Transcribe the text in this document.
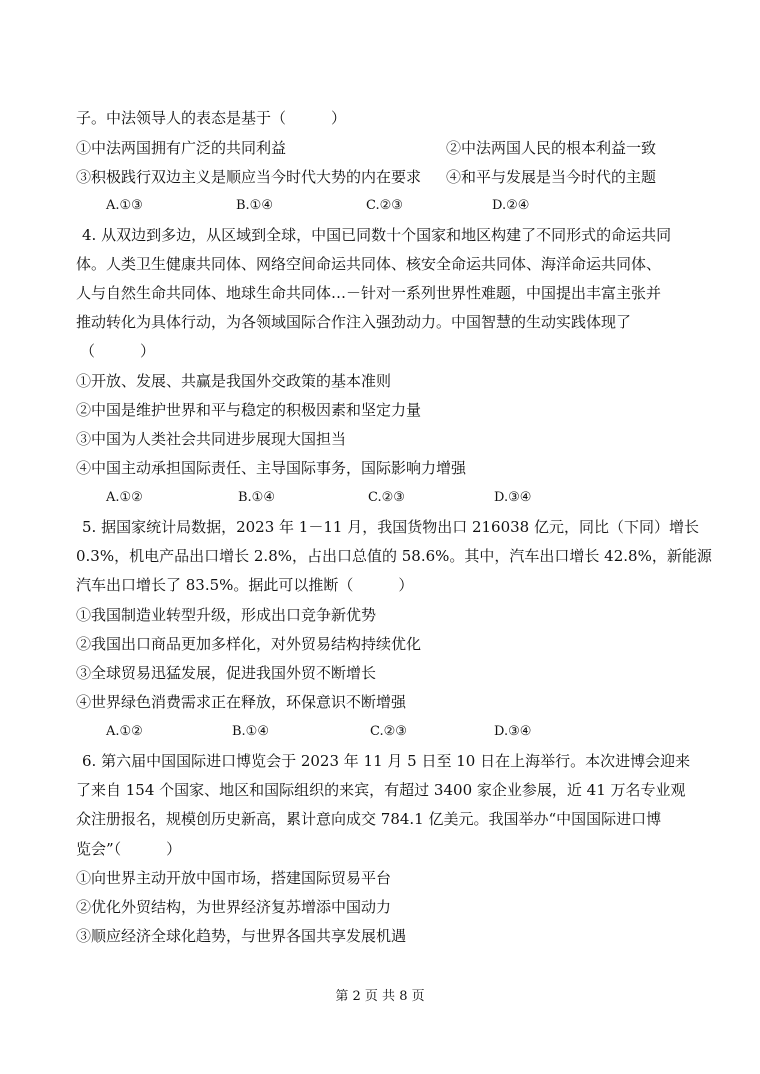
子。中法领导人的表态是基于（　　　）
①中法两国拥有广泛的共同利益	②中法两国人民的根本利益一致
③积极践行双边主义是顺应当今时代大势的内在要求 ④和平与发展是当今时代的主题
A.①③	B.①④	C.②③	D.②④
4. 从双边到多边，从区域到全球，中国已同数十个国家和地区构建了不同形式的命运共同
体。人类卫生健康共同体、网络空间命运共同体、核安全命运共同体、海洋命运共同体、
人与自然生命共同体、地球生命共同体…－针对一系列世界性难题，中国提出丰富主张并
推动转化为具体行动，为各领域国际合作注入强劲动力。中国智慧的生动实践体现了
（　　　）
①开放、发展、共赢是我国外交政策的基本准则
②中国是维护世界和平与稳定的积极因素和坚定力量
③中国为人类社会共同进步展现大国担当
④中国主动承担国际责任、主导国际事务，国际影响力增强
A.①②	B.①④	C.②③	D.③④
5. 据国家统计局数据，2023 年 1－11 月，我国货物出口 216038 亿元，同比（下同）增长
0.3%，机电产品出口增长 2.8%，占出口总值的 58.6%。其中，汽车出口增长 42.8%，新能源
汽车出口增长了 83.5%。据此可以推断（　　　）
①我国制造业转型升级，形成出口竞争新优势
②我国出口商品更加多样化，对外贸易结构持续优化
③全球贸易迅猛发展，促进我国外贸不断增长
④世界绿色消费需求正在释放，环保意识不断增强
A.①②	B.①④	C.②③	D.③④
6. 第六届中国国际进口博览会于 2023 年 11 月 5 日至 10 日在上海举行。本次进博会迎来
了来自 154 个国家、地区和国际组织的来宾，有超过 3400 家企业参展，近 41 万名专业观
众注册报名，规模创历史新高，累计意向成交 784.1 亿美元。我国举办“中国国际进口博
览会”（　　　）
①向世界主动开放中国市场，搭建国际贸易平台
②优化外贸结构，为世界经济复苏增添中国动力
③顺应经济全球化趋势，与世界各国共享发展机遇
第 2 页 共 8 页
